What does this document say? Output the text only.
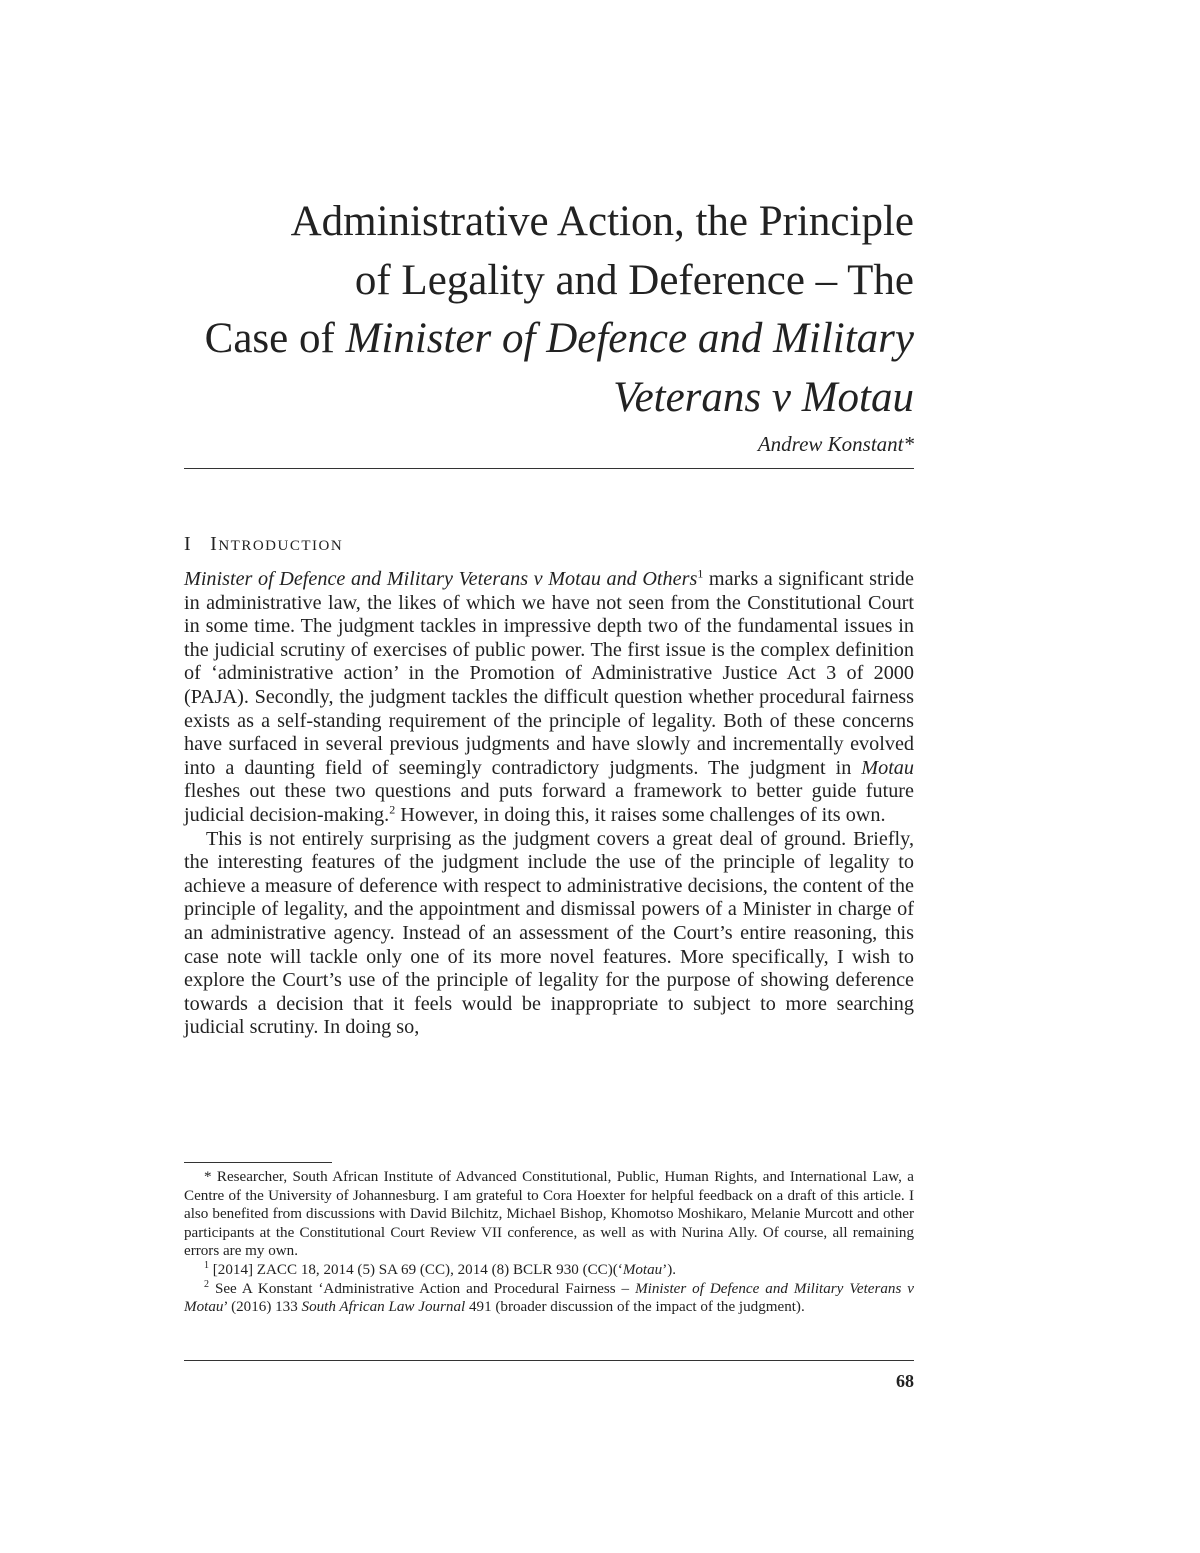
Administrative Action, the Principle
of Legality and Deference – The
Case of Minister of Defence and Military
Veterans v Motau
Andrew Konstant*
I INTRODUCTION

Minister of Defence and Military Veterans v Motau and Others$^1$ marks a significant stride in administrative law, the likes of which we have not seen from the Constitutional Court in some time. The judgment tackles in impressive depth two of the fundamental issues in the judicial scrutiny of exercises of public power. The first issue is the complex definition of ‘administrative action’ in the Promotion of Administrative Justice Act 3 of 2000 (PAJA). Secondly, the judgment tackles the difficult question whether procedural fairness exists as a self-standing requirement of the principle of legality. Both of these concerns have surfaced in several previous judgments and have slowly and incrementally evolved into a daunting field of seemingly contradictory judgments. The judgment in Motau fleshes out these two questions and puts forward a framework to better guide future judicial decision-making.$^2$ However, in doing this, it raises some challenges of its own.

This is not entirely surprising as the judgment covers a great deal of ground. Briefly, the interesting features of the judgment include the use of the principle of legality to achieve a measure of deference with respect to administrative decisions, the content of the principle of legality, and the appointment and dismissal powers of a Minister in charge of an administrative agency. Instead of an assessment of the Court’s entire reasoning, this case note will tackle only one of its more novel features. More specifically, I wish to explore the Court’s use of the principle of legality for the purpose of showing deference towards a decision that it feels would be inappropriate to subject to more searching judicial scrutiny. In doing so,

* Researcher, South African Institute of Advanced Constitutional, Public, Human Rights, and International Law, a Centre of the University of Johannesburg. I am grateful to Cora Hoexter for helpful feedback on a draft of this article. I also benefited from discussions with David Bilchitz, Michael Bishop, Khomotso Moshikaro, Melanie Murcott and other participants at the Constitutional Court Review VII conference, as well as with Nurina Ally. Of course, all remaining errors are my own.

$^1$ [2014] ZACC 18, 2014 (5) SA 69 (CC), 2014 (8) BCLR 930 (CC)(‘Motau’).

$^2$ See A Konstant ‘Administrative Action and Procedural Fairness – Minister of Defence and Military Veterans v Motau’ (2016) 133 South African Law Journal 491 (broader discussion of the impact of the judgment).

68
